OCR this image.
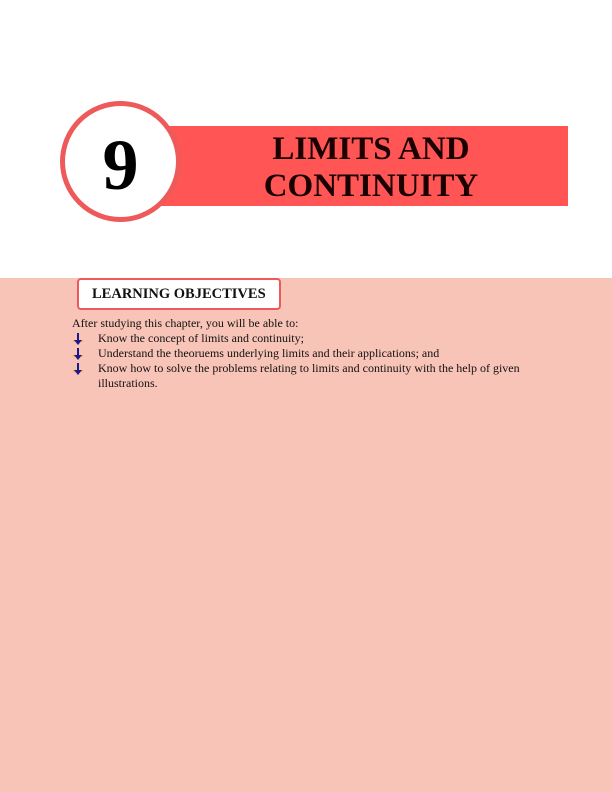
LIMITS AND
CONTINUITY
9
LEARNING OBJECTIVES
After studying this chapter, you will be able to:
Know the concept of limits and continuity;
Understand the theoruems underlying limits and their applications; and
Know how to solve the problems relating to limits and continuity with the help of given illustrations.
